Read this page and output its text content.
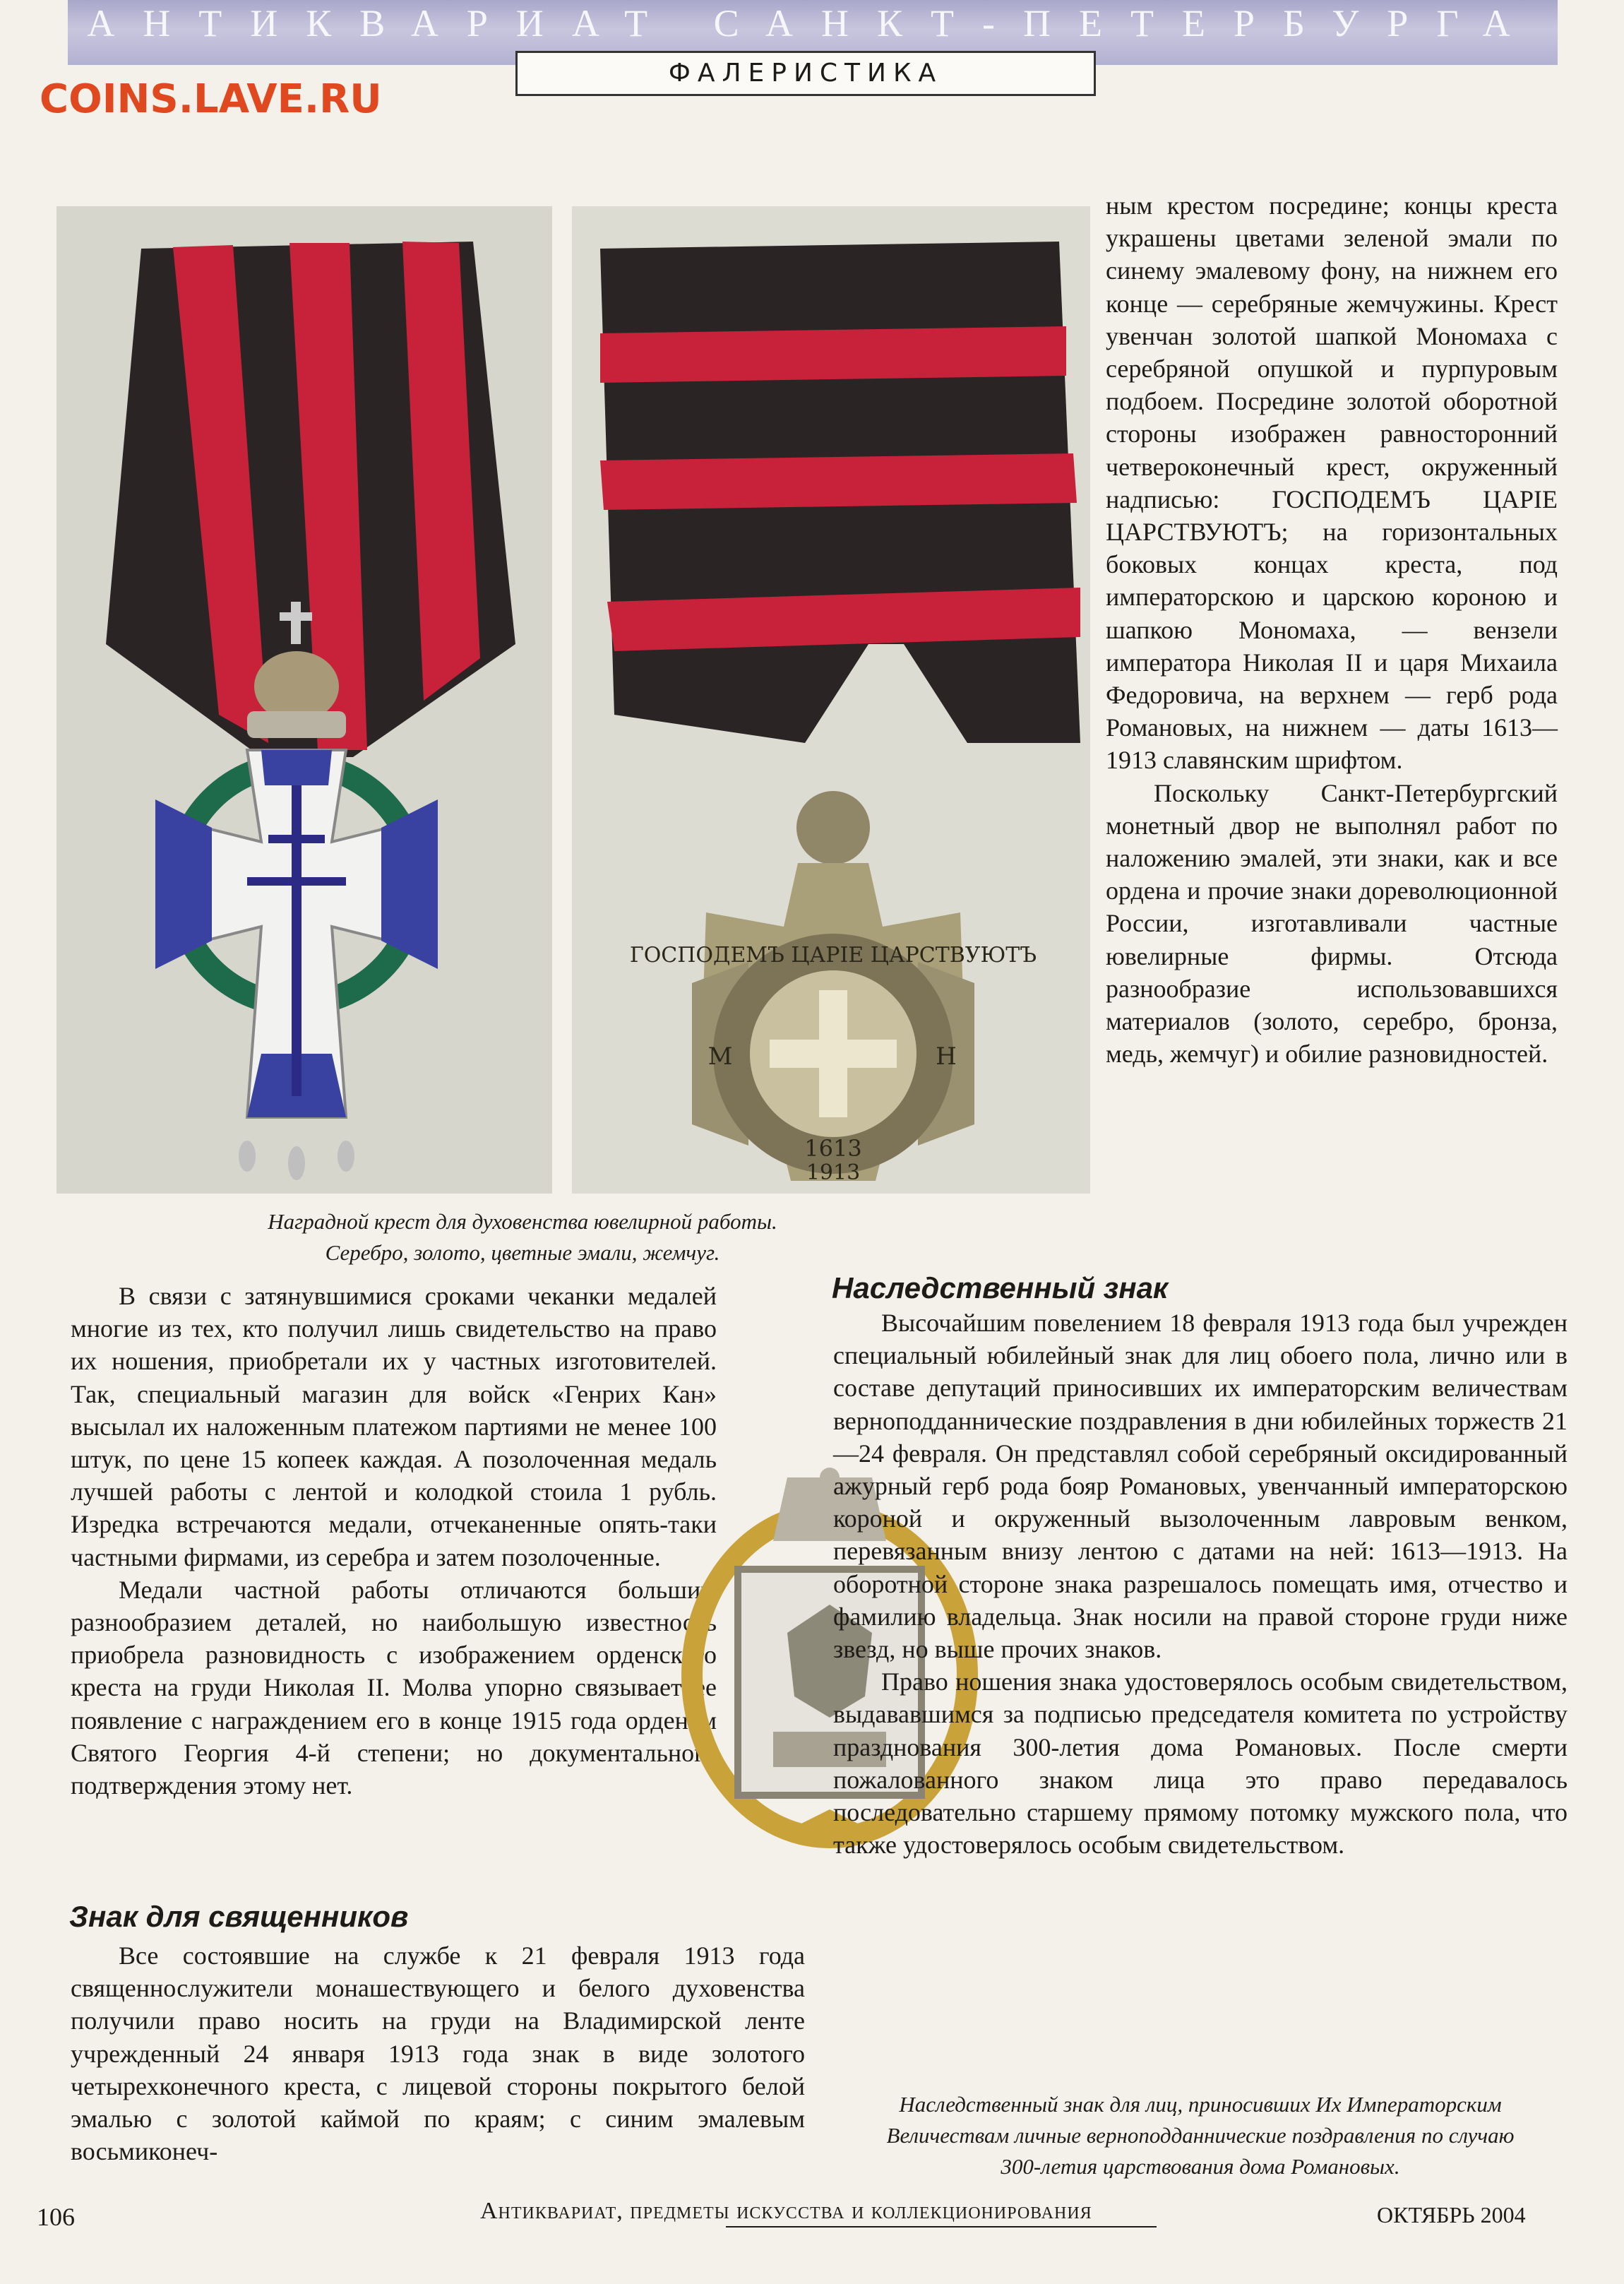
АНТИКВАРИАТ САНКТ-ПЕТЕРБУРГА
ФАЛЕРИСТИКА
COINS.LAVE.RU
ГОСПОДЕМЪ ЦАРІЕ ЦАРСТВУЮТЪ
М	Н
1613
1913
Наградной крест для духовенства ювелирной работы.
Серебро, золото, цветные эмали, жемчуг.

ным крестом посредине; концы креста украшены цветами зеленой эмали по синему эмалевому фону, на нижнем его конце — серебряные жемчужины. Крест увенчан золотой шапкой Мономаха с серебряной опушкой и пурпуровым подбоем. Посредине золотой оборотной стороны изображен равносторонний четвероконечный крест, окруженный надписью: ГОСПОДЕМЪ ЦАРІЕ ЦАРСТВУЮТЪ; на горизонтальных боковых концах креста, под императорскою и царскою короною и шапкою Мономаха, — вензели императора Николая II и царя Михаила Федоровича, на верхнем — герб рода Романовых, на нижнем — даты 1613—1913 славянским шрифтом.

Поскольку Санкт-Петербургский монетный двор не выполнял работ по наложению эмалей, эти знаки, как и все ордена и прочие знаки дореволюционной России, изготавливали частные ювелирные фирмы. Отсюда разнообразие использовавшихся материалов (золото, серебро, бронза, медь, жемчуг) и обилие разновидностей.

В связи с затянувшимися сроками чеканки медалей многие из тех, кто получил лишь свидетельство на право их ношения, приобретали их у частных изготовителей. Так, специальный магазин для войск «Генрих Кан» высылал их наложенным платежом партиями не менее 100 штук, по цене 15 копеек каждая. А позолоченная медаль лучшей работы с лентой и колодкой стоила 1 рубль. Изредка встречаются медали, отчеканенные опять-таки частными фирмами, из серебра и затем позолоченные.

Медали частной работы отличаются большим разнообразием деталей, но наибольшую известность приобрела разновидность с изображением орденского креста на груди Николая II. Молва упорно связывает ее появление с награждением его в конце 1915 года орденом Святого Георгия 4-й степени; но документального подтверждения этому нет.

Знак для священников

Все состоявшие на службе к 21 февраля 1913 года священнослужители монашествующего и белого духовенства получили право носить на груди на Владимирской ленте учрежденный 24 января 1913 года знак в виде золотого четырехконечного креста, с лицевой стороны покрытого белой эмалью с золотой каймой по краям; с синим эмалевым восьмиконеч-

Наследственный знак

Высочайшим повелением 18 февраля 1913 года был учрежден специальный юбилейный знак для лиц обоего пола, лично или в составе депутаций приносивших их императорским величествам верноподданнические поздравления в дни юбилейных торжеств 21—24 февраля. Он представлял собой серебряный оксидированный ажурный герб рода бояр Романовых, увенчанный императорскою короной и окруженный вызолоченным лавровым венком, перевязанным внизу лентою с датами на ней: 1613—1913. На оборотной стороне знака разрешалось помещать имя, отчество и фамилию владельца. Знак носили на правой стороне груди ниже звезд, но выше прочих знаков.

Право ношения знака удостоверялось особым свидетельством, выдававшимся за подписью председателя комитета по устройству празднования 300-летия дома Романовых. После смерти пожалованного знаком лица это право передавалось последовательно старшему прямому потомку мужского пола, что также удостоверялось особым свидетельством.

Наследственный знак для лиц, приносивших Их Императорским
Величествам личные верноподданнические поздравления по случаю
300-летия царствования дома Романовых.
106	Антиквариат, предметы искусства и коллекционирования	ОКТЯБРЬ 2004
